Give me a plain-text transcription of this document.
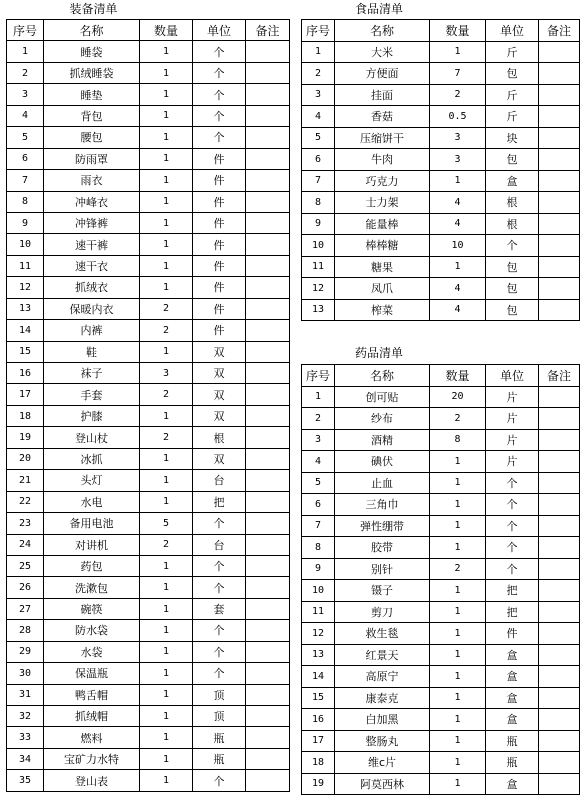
装备清单
序号	名称	数量	单位	备注
1	睡袋	1	个	
2	抓绒睡袋	1	个	
3	睡垫	1	个	
4	背包	1	个	
5	腰包	1	个	
6	防雨罩	1	件	
7	雨衣	1	件	
8	冲峰衣	1	件	
9	冲锋裤	1	件	
10	速干裤	1	件	
11	速干衣	1	件	
12	抓绒衣	1	件	
13	保暖内衣	2	件	
14	内裤	2	件	
15	鞋	1	双	
16	袜子	3	双	
17	手套	2	双	
18	护膝	1	双	
19	登山杖	2	根	
20	冰抓	1	双	
21	头灯	1	台	
22	水电	1	把	
23	备用电池	5	个	
24	对讲机	2	台	
25	药包	1	个	
26	洗漱包	1	个	
27	碗筷	1	套	
28	防水袋	1	个	
29	水袋	1	个	
30	保温瓶	1	个	
31	鸭舌帽	1	顶	
32	抓绒帽	1	顶	
33	燃料	1	瓶	
34	宝矿力水特	1	瓶	
35	登山表	1	个	
食品清单
序号	名称	数量	单位	备注
1	大米	1	斤	
2	方便面	7	包	
3	挂面	2	斤	
4	香菇	0.5	斤	
5	压缩饼干	3	块	
6	牛肉	3	包	
7	巧克力	1	盒	
8	士力架	4	根	
9	能量棒	4	根	
10	棒棒糖	10	个	
11	糖果	1	包	
12	凤爪	4	包	
13	榨菜	4	包	
药品清单
序号	名称	数量	单位	备注
1	创可贴	20	片	
2	纱布	2	片	
3	酒精	8	片	
4	碘伏	1	片	
5	止血	1	个	
6	三角巾	1	个	
7	弹性绷带	1	个	
8	胶带	1	个	
9	别针	2	个	
10	镊子	1	把	
11	剪刀	1	把	
12	救生毯	1	件	
13	红景天	1	盒	
14	高原宁	1	盒	
15	康泰克	1	盒	
16	白加黑	1	盒	
17	整肠丸	1	瓶	
18	维c片	1	瓶	
19	阿莫西林	1	盒	
